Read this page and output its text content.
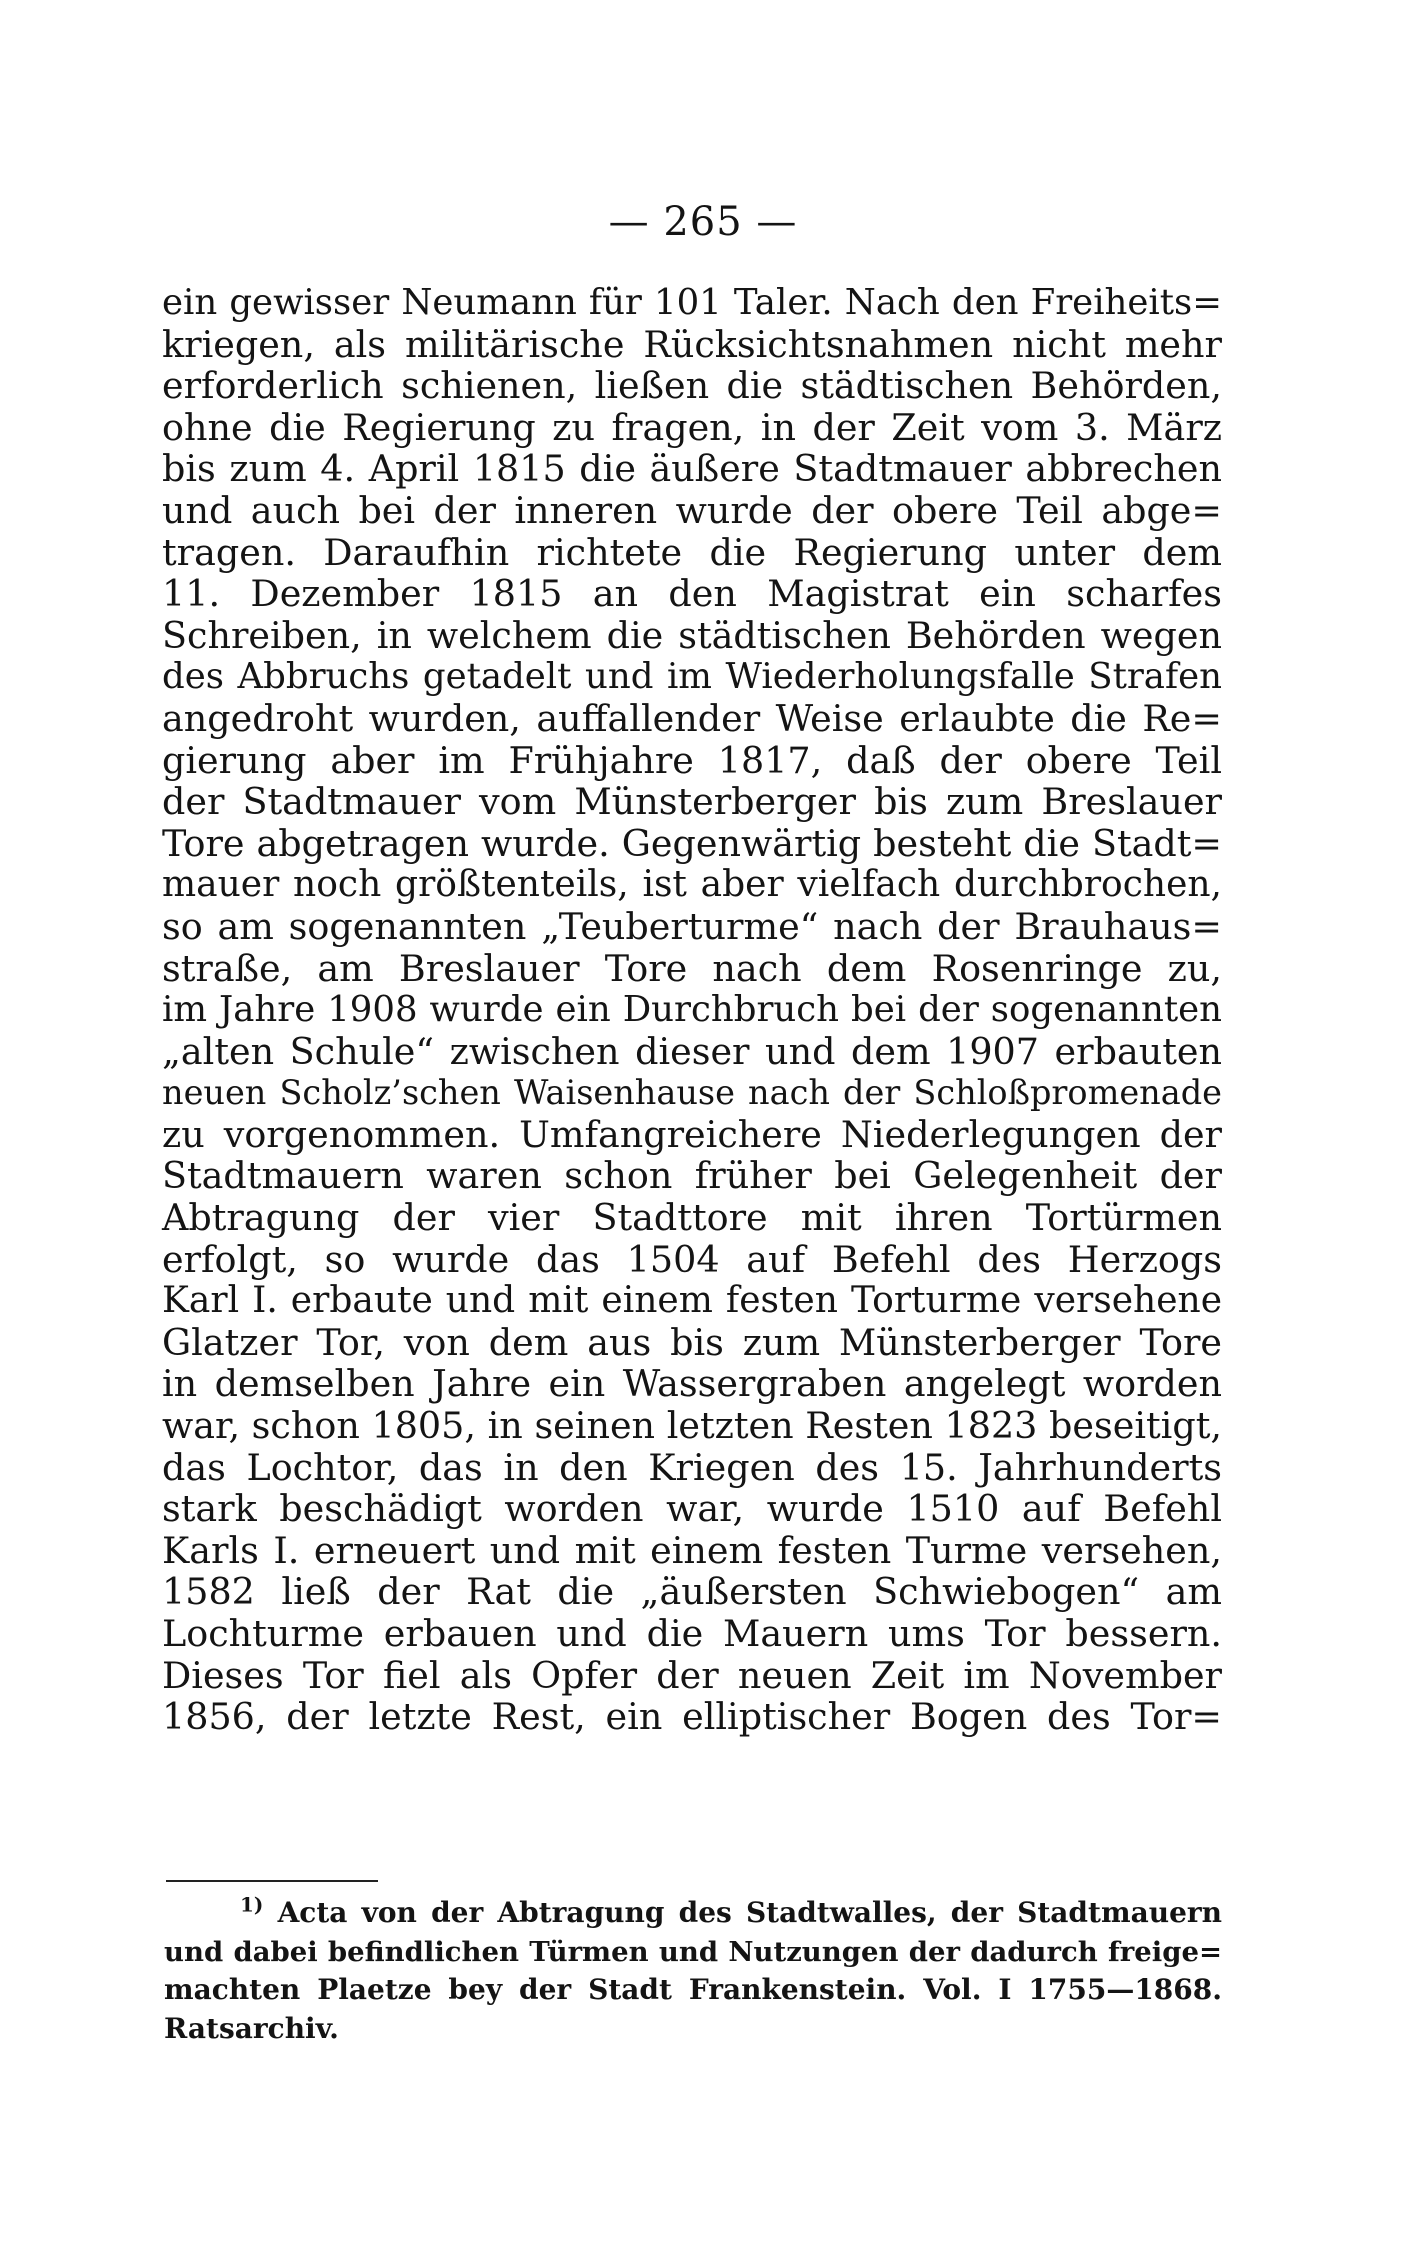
— 265 —
ein gewisser Neumann für 101 Taler. Nach den Freiheits=
kriegen, als militärische Rücksichtsnahmen nicht mehr
erforderlich schienen, ließen die städtischen Behörden,
ohne die Regierung zu fragen, in der Zeit vom 3. März
bis zum 4. April 1815 die äußere Stadtmauer abbrechen
und auch bei der inneren wurde der obere Teil abge=
tragen. Daraufhin richtete die Regierung unter dem
11. Dezember 1815 an den Magistrat ein scharfes
Schreiben, in welchem die städtischen Behörden wegen
des Abbruchs getadelt und im Wiederholungsfalle Strafen
angedroht wurden, auffallender Weise erlaubte die Re=
gierung aber im Frühjahre 1817, daß der obere Teil
der Stadtmauer vom Münsterberger bis zum Breslauer
Tore abgetragen wurde. Gegenwärtig besteht die Stadt=
mauer noch größtenteils, ist aber vielfach durchbrochen,
so am sogenannten „Teuberturme“ nach der Brauhaus=
straße, am Breslauer Tore nach dem Rosenringe zu,
im Jahre 1908 wurde ein Durchbruch bei der sogenannten
„alten Schule“ zwischen dieser und dem 1907 erbauten
neuen Scholz’schen Waisenhause nach der Schloßpromenade
zu vorgenommen. Umfangreichere Niederlegungen der
Stadtmauern waren schon früher bei Gelegenheit der
Abtragung der vier Stadttore mit ihren Tortürmen
erfolgt, so wurde das 1504 auf Befehl des Herzogs
Karl I. erbaute und mit einem festen Torturme versehene
Glatzer Tor, von dem aus bis zum Münsterberger Tore
in demselben Jahre ein Wassergraben angelegt worden
war, schon 1805, in seinen letzten Resten 1823 beseitigt,
das Lochtor, das in den Kriegen des 15. Jahrhunderts
stark beschädigt worden war, wurde 1510 auf Befehl
Karls I. erneuert und mit einem festen Turme versehen,
1582 ließ der Rat die „äußersten Schwiebogen“ am
Lochturme erbauen und die Mauern ums Tor bessern.
Dieses Tor fiel als Opfer der neuen Zeit im November
1856, der letzte Rest, ein elliptischer Bogen des Tor=
$^{1)}$ Acta von der Abtragung des Stadtwalles, der Stadtmauern
und dabei befindlichen Türmen und Nutzungen der dadurch freige=
machten Plaetze bey der Stadt Frankenstein. Vol. I 1755—1868.
Ratsarchiv.
